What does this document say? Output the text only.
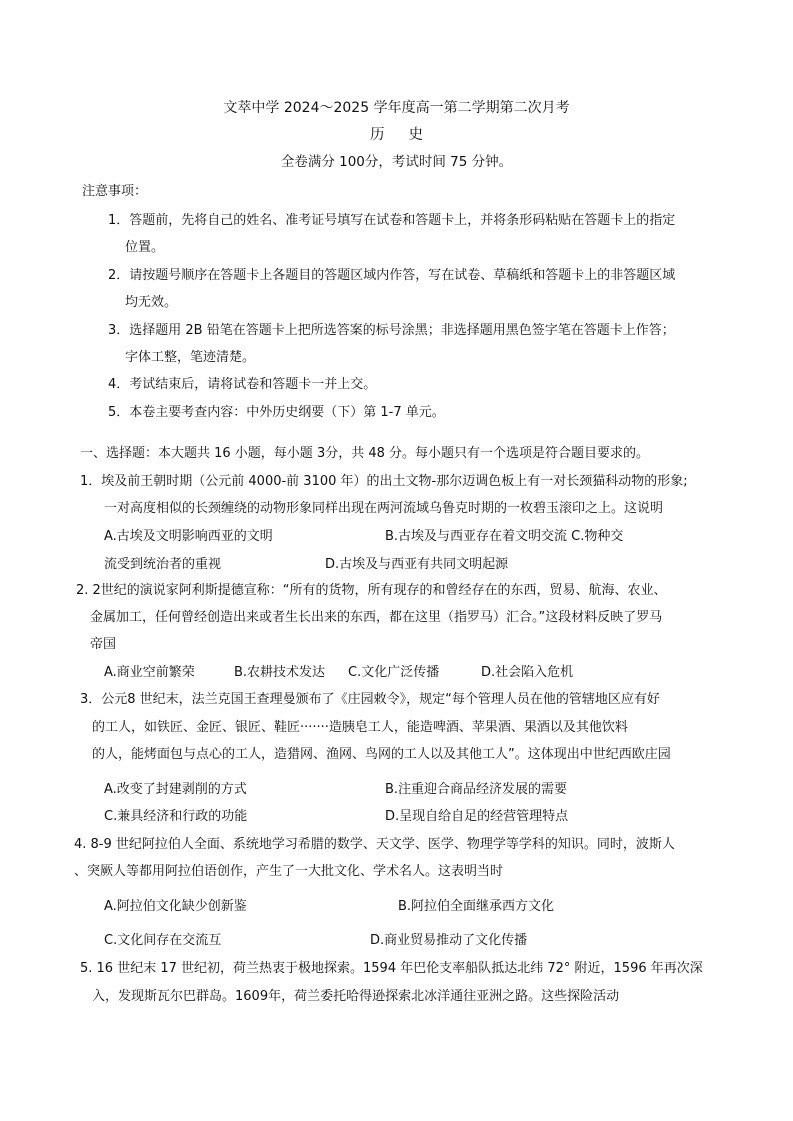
文萃中学 2024～2025 学年度高一第二学期第二次月考
历史
全卷满分 100分，考试时间 75 分钟。
注意事项：
1．答题前，先将自己的姓名、准考证号填写在试卷和答题卡上，并将条形码粘贴在答题卡上的指定
位置。
2．请按题号顺序在答题卡上各题目的答题区域内作答，写在试卷、草稿纸和答题卡上的非答题区域
均无效。
3．选择题用 2B 铅笔在答题卡上把所选答案的标号涂黑；非选择题用黑色签字笔在答题卡上作答；
字体工整，笔迹清楚。
4．考试结束后，请将试卷和答题卡一并上交。
5．本卷主要考查内容：中外历史纲要（下）第 1-7 单元。
一、选择题：本大题共 16 小题，每小题 3分，共 48 分。每小题只有一个选项是符合题目要求的。
1．埃及前王朝时期（公元前 4000-前 3100 年）的出土文物-那尔迈调色板上有一对长颈猫科动物的形象;
一对高度相似的长颈缠绕的动物形象同样出现在两河流域乌鲁克时期的一枚碧玉滚印之上。这说明
A.古埃及文明影响西亚的文明	B.古埃及与西亚存在着文明交流 C.物种交
流受到统治者的重视	D.古埃及与西亚有共同文明起源
2. 2世纪的演说家阿利斯提德宣称：“所有的货物，所有现存的和曾经存在的东西，贸易、航海、农业、
金属加工，任何曾经创造出来或者生长出来的东西，都在这里（指罗马）汇合。”这段材料反映了罗马
帝国
A.商业空前繁荣	B.农耕技术发达 C.文化广泛传播	D.社会陷入危机
3．公元8 世纪末，法兰克国王查理曼颁布了《庄园敕令》，规定“每个管理人员在他的管辖地区应有好
的工人，如铁匠、金匠、银匠、鞋匠·······造胰皂工人，能造啤酒、苹果酒、果酒以及其他饮料
的人，能烤面包与点心的工人，造猎网、渔网、鸟网的工人以及其他工人”。这体现出中世纪西欧庄园
A.改变了封建剥削的方式	B.注重迎合商品经济发展的需要
C.兼具经济和行政的功能	D.呈现自给自足的经营管理特点
4. 8-9 世纪阿拉伯人全面、系统地学习希腊的数学、天文学、医学、物理学等学科的知识。同时，波斯人
、突厥人等都用阿拉伯语创作，产生了一大批文化、学术名人。这表明当时
A.阿拉伯文化缺少创新鉴	B.阿拉伯全面继承西方文化
C.文化间存在交流互	D.商业贸易推动了文化传播
5. 16 世纪末 17 世纪初，荷兰热衷于极地探索。1594 年巴伦支率船队抵达北纬 72° 附近，1596 年再次深
入，发现斯瓦尔巴群岛。1609年，荷兰委托哈得逊探索北冰洋通往亚洲之路。这些探险活动
